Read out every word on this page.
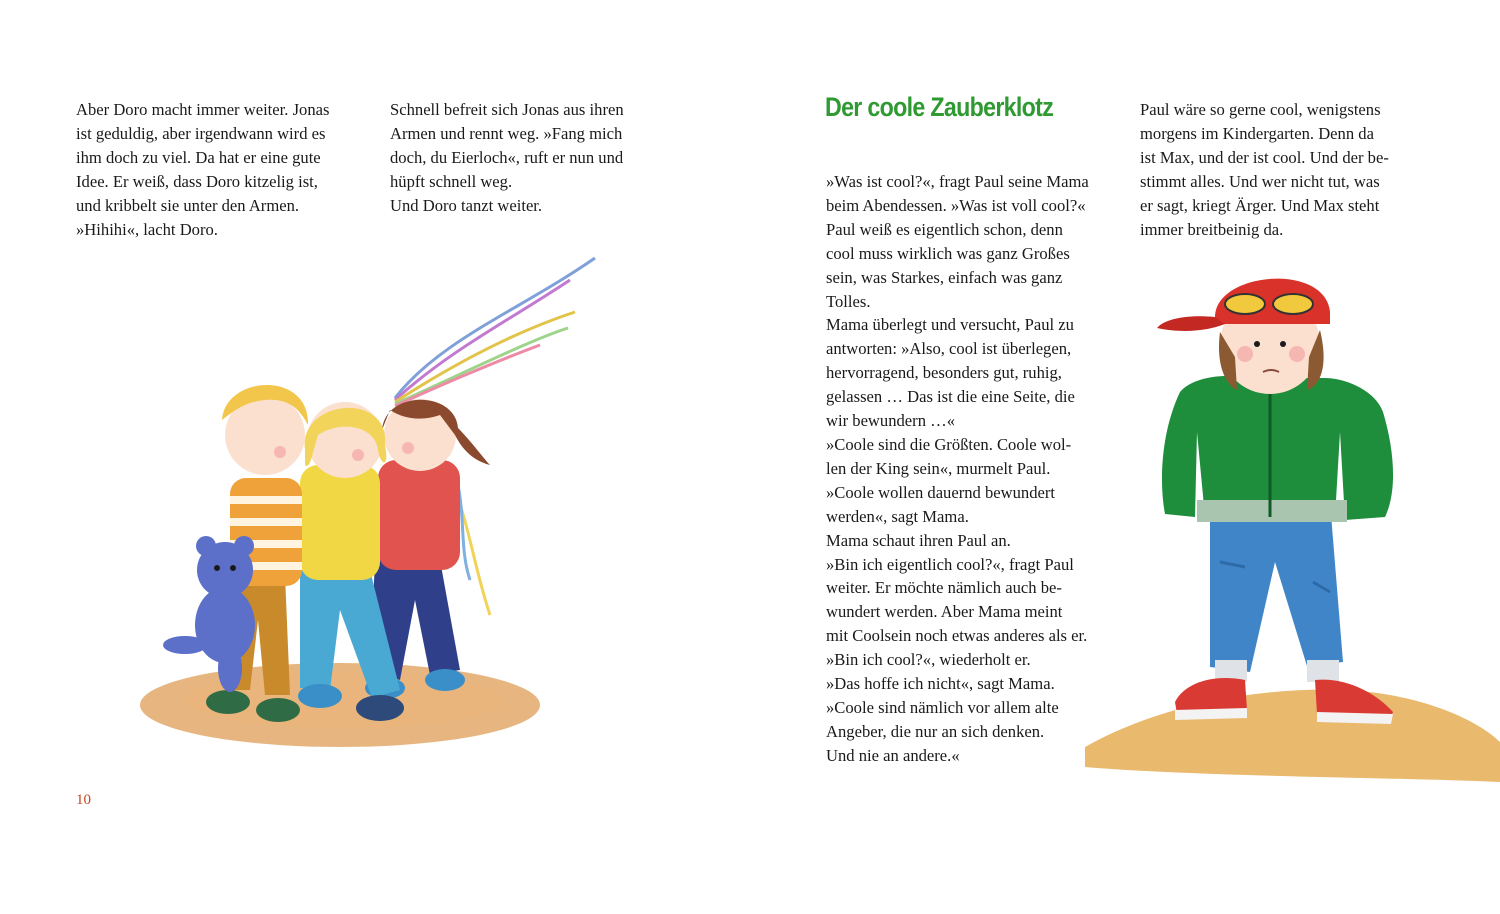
Aber Doro macht immer weiter. Jonas

ist geduldig, aber irgendwann wird es

ihm doch zu viel. Da hat er eine gute

Idee. Er weiß, dass Doro kitzelig ist,

und kribbelt sie unter den Armen.

»Hihihi«, lacht Doro.

Schnell befreit sich Jonas aus ihren

Armen und rennt weg. »Fang mich

doch, du Eierloch«, ruft er nun und

hüpft schnell weg.

Und Doro tanzt weiter.

10
Der coole Zauberklotz

»Was ist cool?«, fragt Paul seine Mama

beim Abendessen. »Was ist voll cool?«

Paul weiß es eigentlich schon, denn

cool muss wirklich was ganz Großes

sein, was Starkes, einfach was ganz

Tolles.

Mama überlegt und versucht, Paul zu

antworten: »Also, cool ist überlegen,

hervorragend, besonders gut, ruhig,

gelassen … Das ist die eine Seite, die

wir bewundern …«

»Coole sind die Größten. Coole wol-

len der King sein«, murmelt Paul.

»Coole wollen dauernd bewundert

werden«, sagt Mama.

Mama schaut ihren Paul an.

»Bin ich eigentlich cool?«, fragt Paul

weiter. Er möchte nämlich auch be-

wundert werden. Aber Mama meint

mit Coolsein noch etwas anderes als er.

»Bin ich cool?«, wiederholt er.

»Das hoffe ich nicht«, sagt Mama.

»Coole sind nämlich vor allem alte

Angeber, die nur an sich denken.

Und nie an andere.«

Paul wäre so gerne cool, wenigstens

morgens im Kindergarten. Denn da

ist Max, und der ist cool. Und der be-

stimmt alles. Und wer nicht tut, was

er sagt, kriegt Ärger. Und Max steht

immer breitbeinig da.
